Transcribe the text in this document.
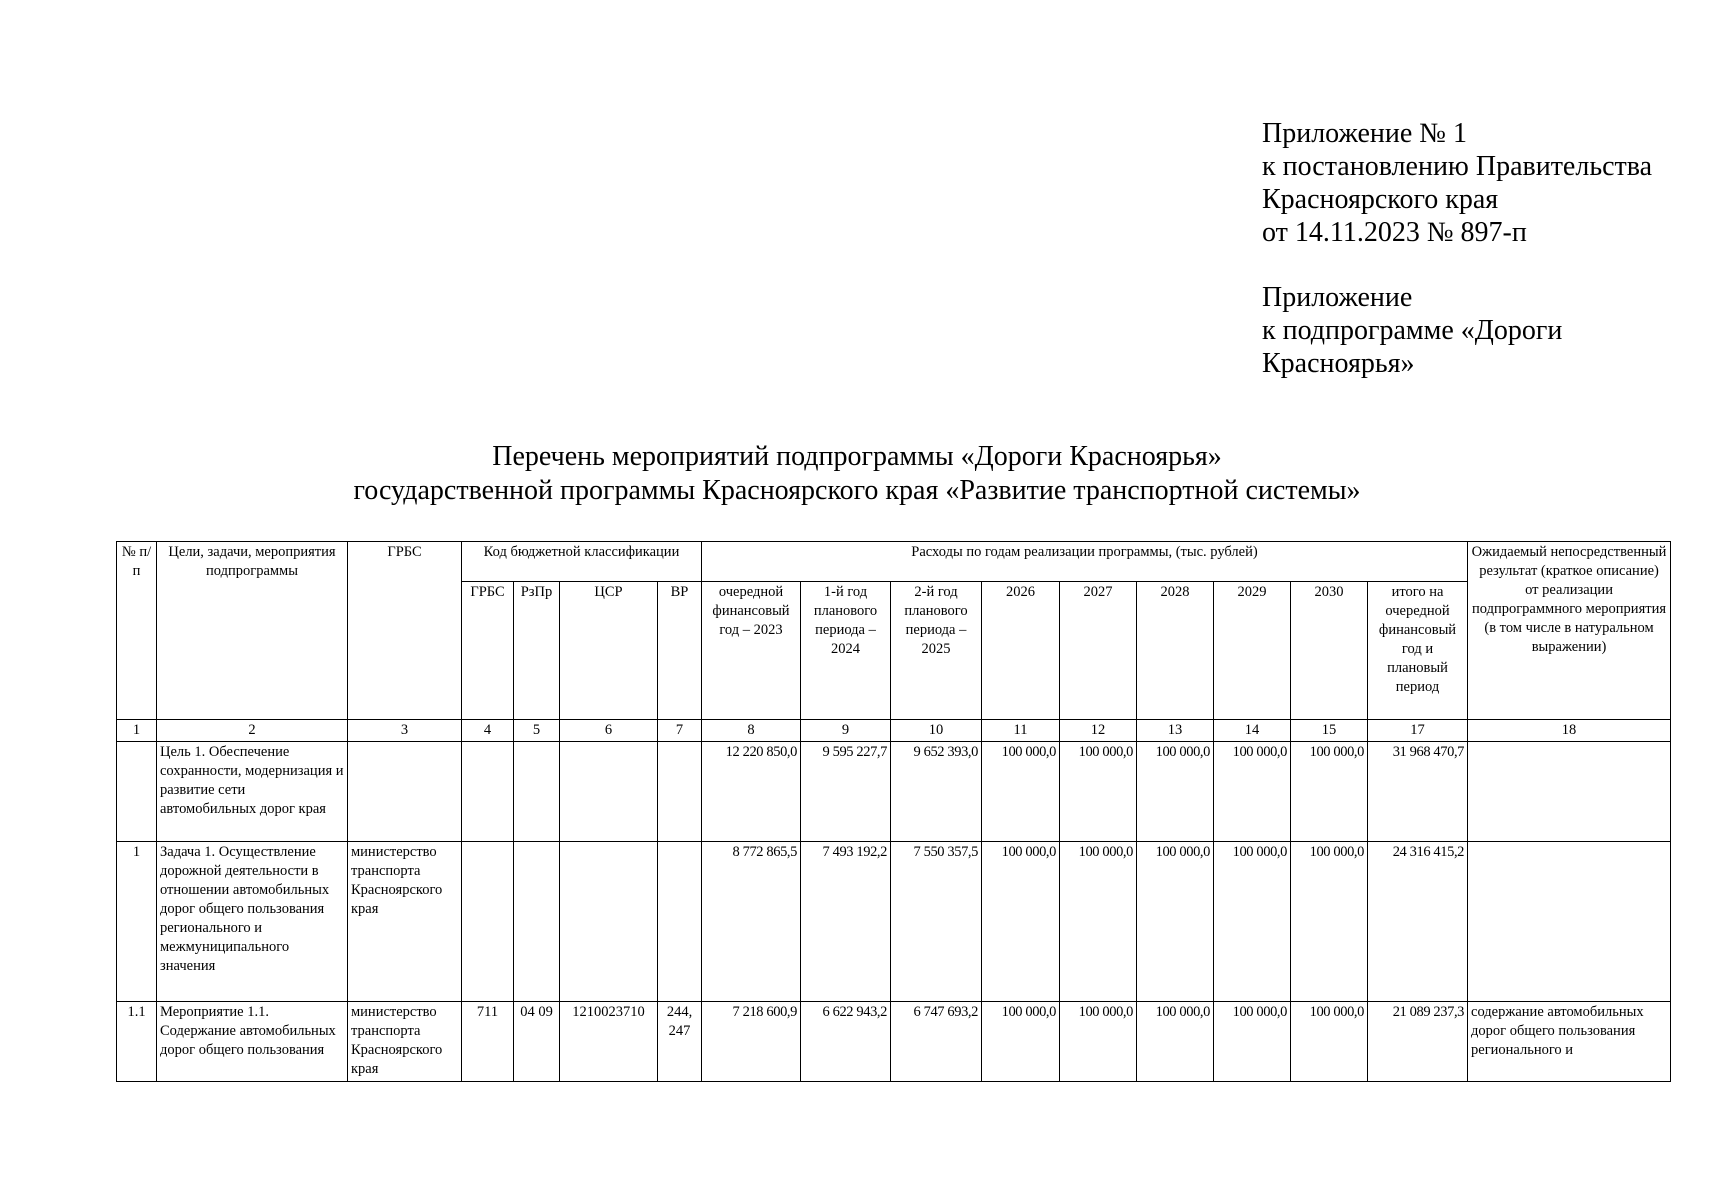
Приложение № 1
к постановлению Правительства
Красноярского края
от 14.11.2023 № 897-п
Приложение
к подпрограмме «Дороги
Красноярья»
Перечень мероприятий подпрограммы «Дороги Красноярья»
государственной программы Красноярского края «Развитие транспортной системы»
№ п/п	Цели, задачи, мероприятия подпрограммы	ГРБС	Код бюджетной классификации				Расходы по годам реализации программы, (тыс. рублей)									Ожидаемый непосредственный результат (краткое описание) от реализации подпрограммного мероприятия (в том числе в натуральном выражении)
			ГРБС	РзПр	ЦСР	ВР	очередной финансовый год – 2023	1-й год планового периода – 2024	2-й год планового периода – 2025	2026	2027	2028	2029	2030	итого на очередной финансовый год и плановый период	
1	2	3	4	5	6	7	8	9	10	11	12	13	14	15	17	18
	Цель 1. Обеспечение сохранности, модернизация и развитие сети автомобильных дорог края						12 220 850,0	9 595 227,7	9 652 393,0	100 000,0	100 000,0	100 000,0	100 000,0	100 000,0	31 968 470,7	
1	Задача 1. Осуществление дорожной деятельности в отношении автомобильных дорог общего пользования регионального и межмуниципального значения	министерство транспорта Красноярского края					8 772 865,5	7 493 192,2	7 550 357,5	100 000,0	100 000,0	100 000,0	100 000,0	100 000,0	24 316 415,2	
1.1	Мероприятие 1.1. Содержание автомобильных дорог общего пользования	министерство транспорта Красноярского края	711	04 09	1210023710	244, 247	7 218 600,9	6 622 943,2	6 747 693,2	100 000,0	100 000,0	100 000,0	100 000,0	100 000,0	21 089 237,3	содержание автомобильных дорог общего пользования регионального и
